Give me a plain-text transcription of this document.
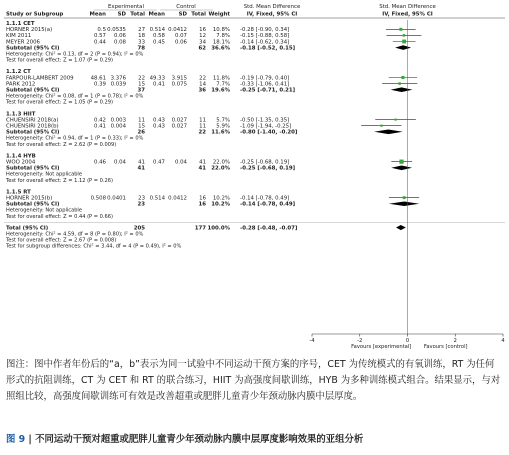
Experimental	Control	Std. Mean Difference	Std. Mean Difference
Study or Subgroup	Mean SD Total Mean	SD Total Weight	IV, Fixed, 95% CI	IV, Fixed, 95% CI
1.1.1 CET
HORNER 2015(a)	0.5 0.0535 27 0.514 0.0412 16 10.8% -0.28 [-0.90, 0.34]
KIM 2011	0.57 0.06 18 0.58 0.07 12 7.8% -0.15 [-0.88, 0.58]
MEYER 2006	0.44 0.08 33 0.45 0.06 34 18.1% -0.14 [-0.62, 0.34]
Subtotal (95% CI)	78	62 36.6% -0.18 [-0.52, 0.15]
Heterogeneity: Chi² = 0.13, df = 2 (P = 0.94); I² = 0%
Test for overall effect: Z = 1.07 (P = 0.29)
1.1.2 CT
FARPOUR-LAMBERT 2009	48.61 3.376 22 49.33 3.915 22 11.8% -0.19 [-0.79, 0.40]
PARK 2012	0.39 0.039 15 0.41 0.075 14 7.7% -0.33 [-1.06, 0.41]
Subtotal (95% CI)	37	36 19.6% -0.25 [-0.71, 0.21]
Heterogeneity: Chi² = 0.08, df = 1 (P = 0.78); I² = 0%
Test for overall effect: Z = 1.05 (P = 0.29)
1.1.3 HIIT
CHUENSIRI 2018(a)	0.42 0.003 11 0.43 0.027 11 5.7% -0.50 [-1.35, 0.35]
CHUENSIRI 2018(b)	0.41 0.004 15 0.43 0.027 11 5.9% -1.09 [-1.94, -0.25]
Subtotal (95% CI)	26	22 11.6% -0.80 [-1.40, -0.20]
Heterogeneity: Chi² = 0.94, df = 1 (P = 0.33); I² = 0%
Test for overall effect: Z = 2.62 (P = 0.009)
1.1.4 HYB
WOO 2004	0.46 0.04 41 0.47 0.04 41 22.0% -0.25 [-0.68, 0.19]
Subtotal (95% CI)	41	41 22.0% -0.25 [-0.68, 0.19]
Heterogeneity: Not applicable
Test for overall effect: Z = 1.12 (P = 0.26)
1.1.5 RT
HORNER 2015(b)	0.508 0.0401 23 0.514 0.0412 16 10.2% -0.14 [-0.78, 0.49]
Subtotal (95% CI)	23	16 10.2% -0.14 [-0.78, 0.49]
Heterogeneity: Not applicable
Test for overall effect: Z = 0.44 (P = 0.66)
Total (95% CI)	205	177 100.0% -0.28 [-0.48, -0.07]
Heterogeneity: Chi² = 4.59, df = 8 (P = 0.80); I² = 0%
Test for overall effect: Z = 2.67 (P = 0.008)
Test for subgroup differences: Chi² = 3.44, df = 4 (P = 0.49), I² = 0%
-4	-2	0	2	4
Favours [experimental] Favours [control]
图注：图中作者年份后的“a，b”表示为同一试验中不同运动干预方案的序号，CET 为传统模式的有氧训练，RT 为任何形式的抗阻训练，CT 为 CET 和 RT 的联合练习，HIIT 为高强度间歇训练，HYB 为多种训练模式组合。结果显示，与对照组比较，高强度间歇训练可有效是改善超重或肥胖儿童青少年颈动脉内膜中层厚度。
图 9 | 不同运动干预对超重或肥胖儿童青少年颈动脉内膜中层厚度影响效果的亚组分析
